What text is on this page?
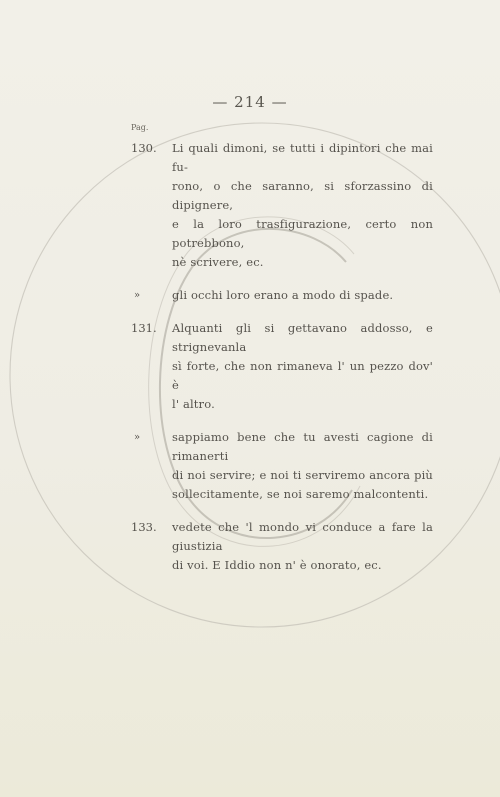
— 214 —
Pag.
130. Li quali dimoni, se tutti i dipintori che mai fu-
rono, o che saranno, si sforzassino di dipignere,
e la loro trasfigurazione, certo non potrebbono,
nè scrivere, ec.
»	gli occhi loro erano a modo di spade.
131. Alquanti gli si gettavano addosso, e strignevanla
sì forte, che non rimaneva l' un pezzo dov' è
l' altro.
»	sappiamo bene che tu avesti cagione di rimanerti
di noi servire; e noi ti serviremo ancora più
sollecitamente, se noi saremo malcontenti.
133. vedete che 'l mondo vi conduce a fare la giustizia
di voi. E Iddio non n' è onorato, ec.
